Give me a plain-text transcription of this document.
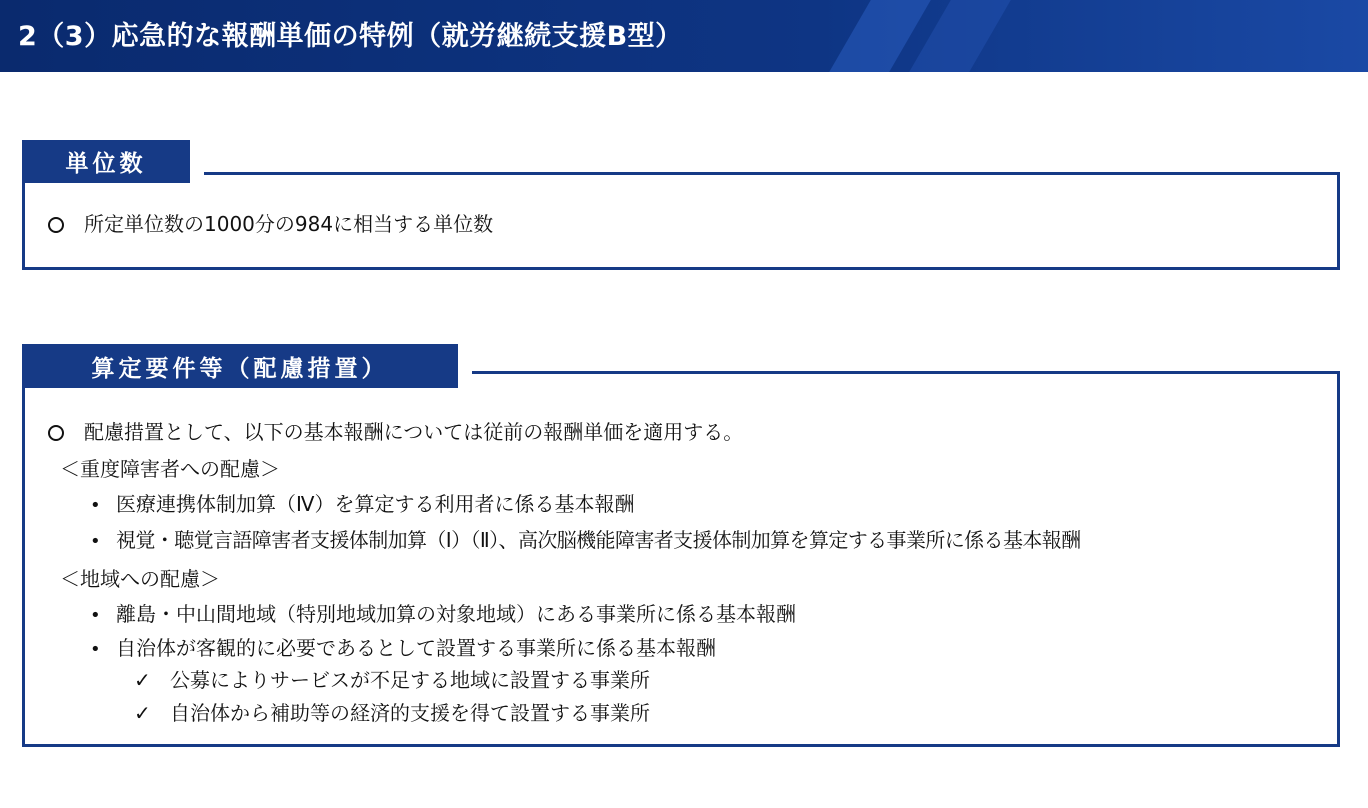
2（3）応急的な報酬単価の特例（就労継続支援B型）
単位数
所定単位数の1000分の984に相当する単位数
算定要件等（配慮措置）
配慮措置として、以下の基本報酬については従前の報酬単価を適用する。
＜重度障害者への配慮＞
• 医療連携体制加算（Ⅳ）を算定する利用者に係る基本報酬
• 視覚・聴覚言語障害者支援体制加算（Ⅰ）（Ⅱ）、高次脳機能障害者支援体制加算を算定する事業所に係る基本報酬
＜地域への配慮＞
• 離島・中山間地域（特別地域加算の対象地域）にある事業所に係る基本報酬
• 自治体が客観的に必要であるとして設置する事業所に係る基本報酬
✓ 公募によりサービスが不足する地域に設置する事業所
✓ 自治体から補助等の経済的支援を得て設置する事業所
